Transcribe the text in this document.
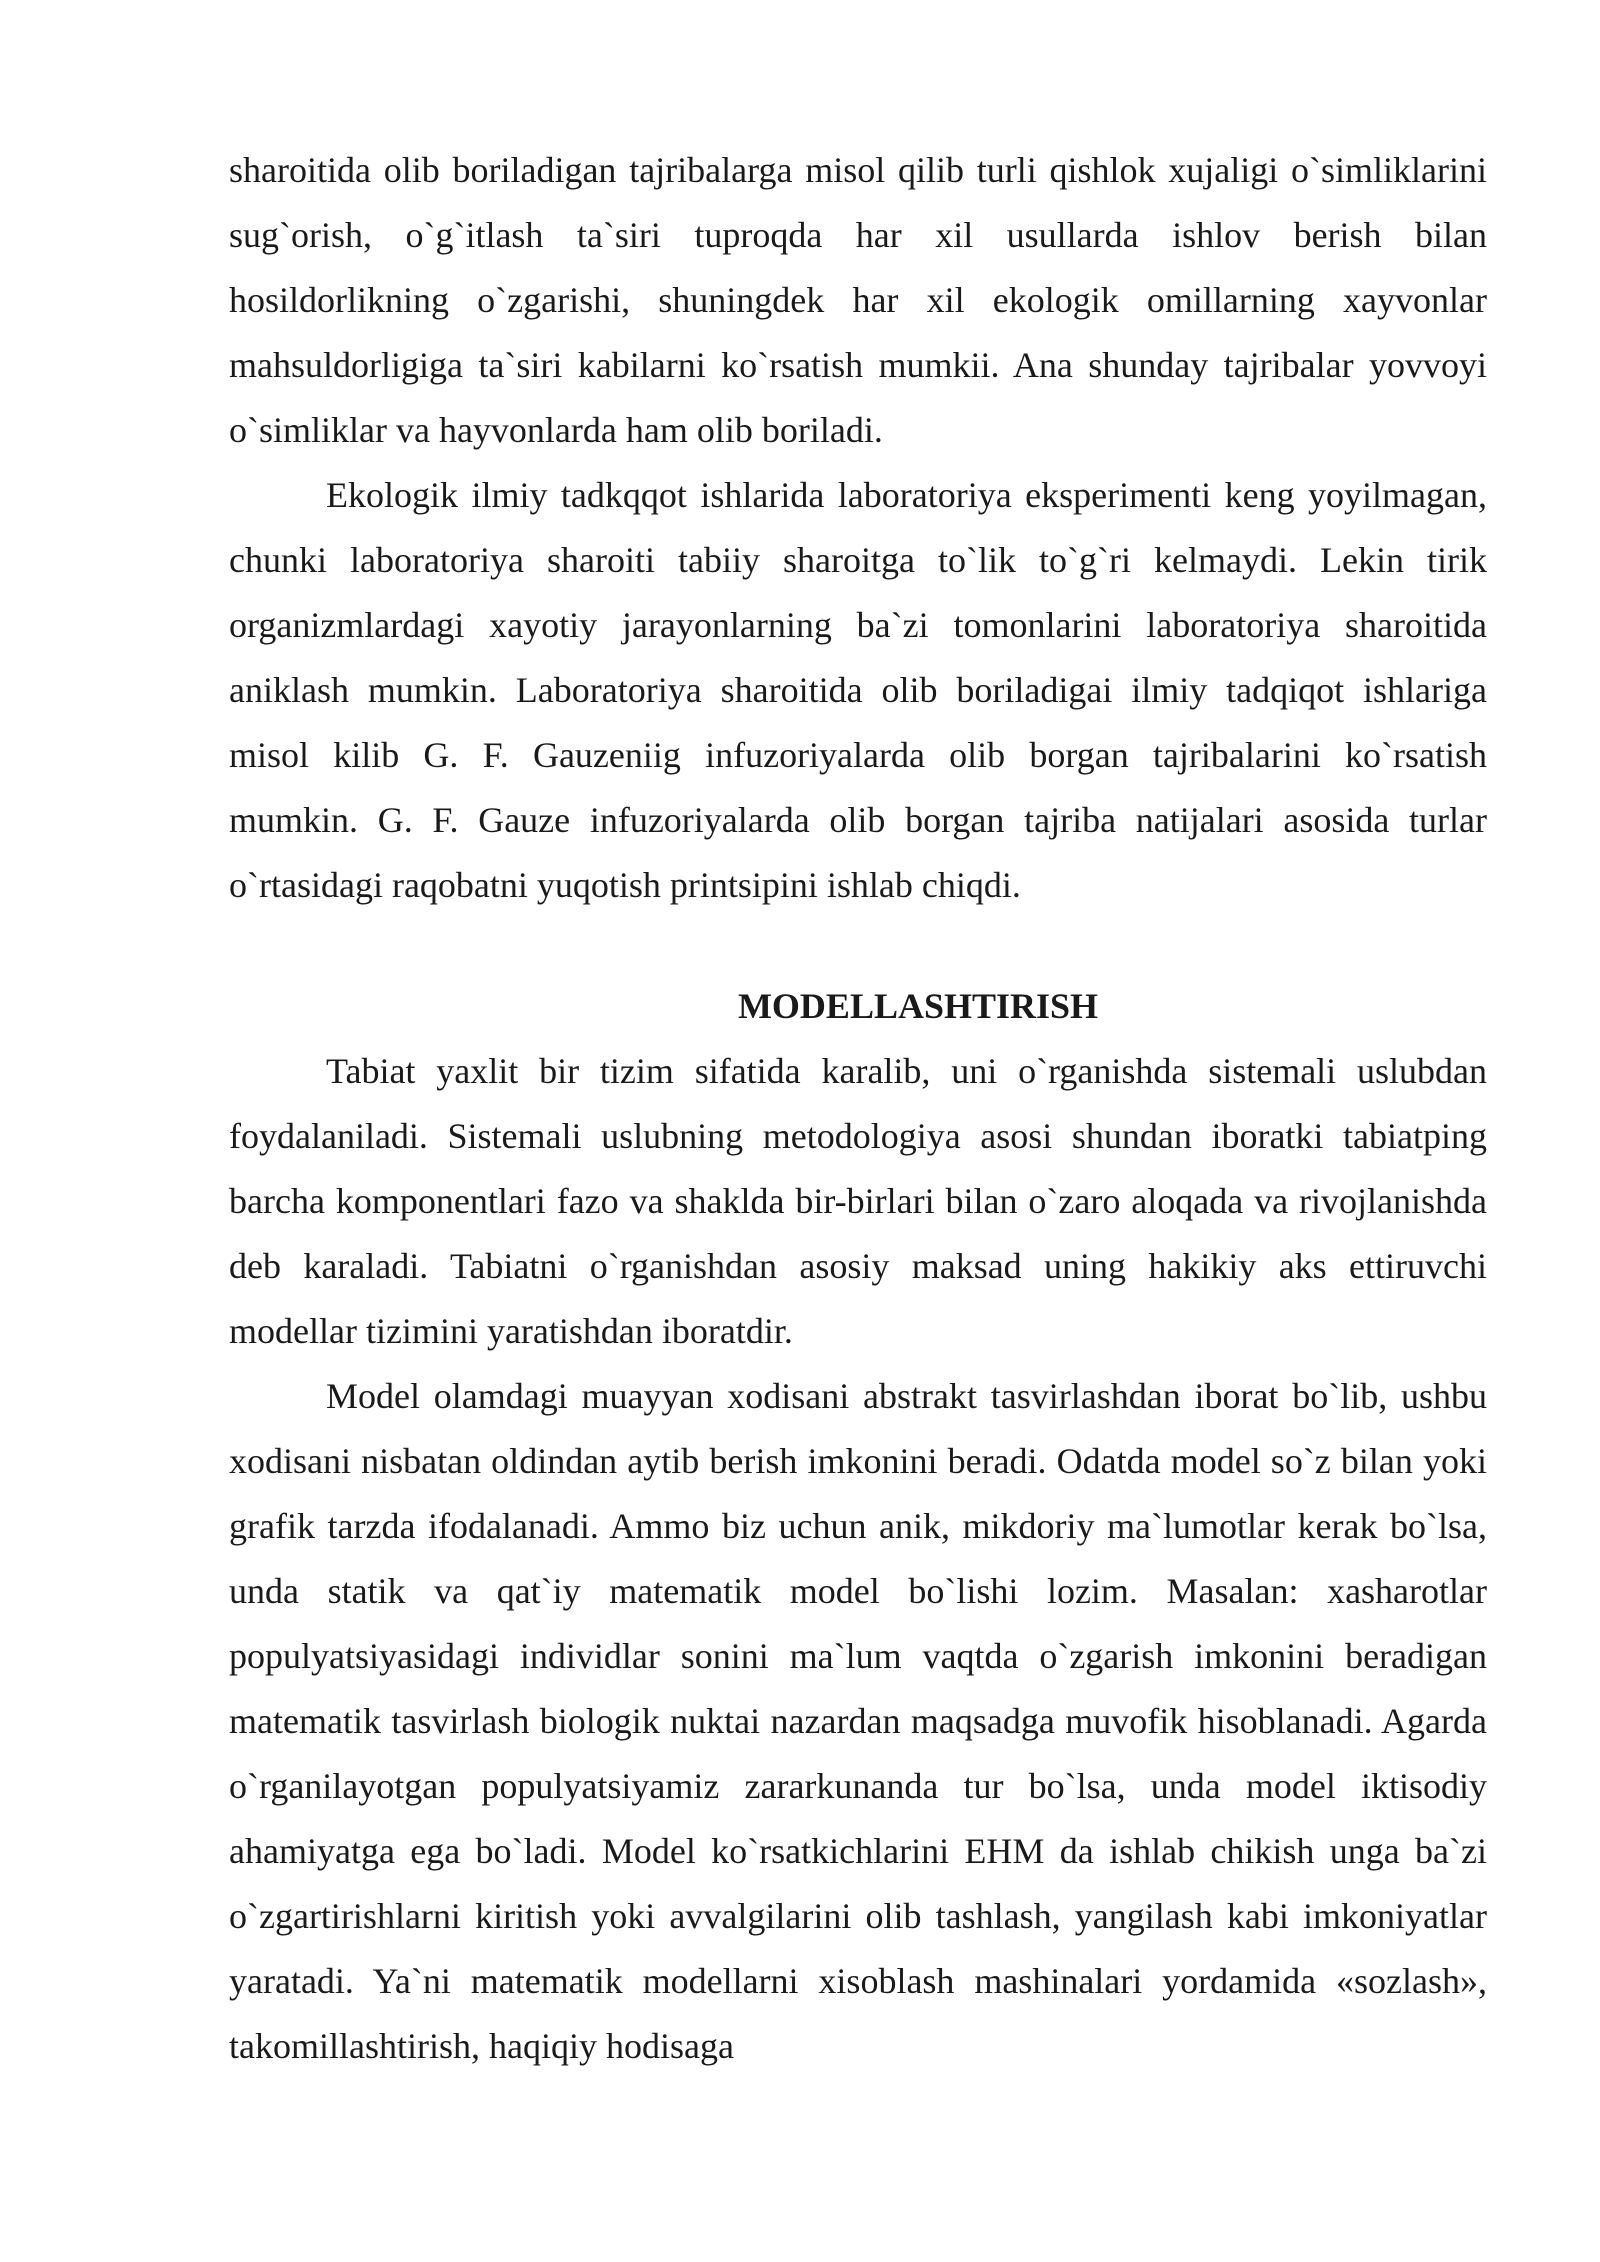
sharoitida olib boriladigan tajribalarga misol qilib turli qishlok xujaligi o`simliklarini sug`orish, o`g`itlash ta`siri tuproqda har xil usullarda ishlov berish bilan hosildorlikning o`zgarishi, shuningdek har xil ekologik omillarning xayvonlar mahsuldorligiga ta`siri kabilarni ko`rsatish mumkii. Ana shunday tajribalar yovvoyi o`simliklar va hayvonlarda ham olib boriladi.

Ekologik ilmiy tadkqqot ishlarida laboratoriya eksperimenti keng yoyilmagan, chunki laboratoriya sharoiti tabiiy sharoitga to`lik to`g`ri kelmaydi. Lekin tirik organizmlardagi xayotiy jarayonlarning ba`zi tomonlarini laboratoriya sharoitida aniklash mumkin. Laboratoriya sharoitida olib boriladigai ilmiy tadqiqot ishlariga misol kilib G. F. Gauzeniig infuzoriyalarda olib borgan tajribalarini ko`rsatish mumkin. G. F. Gauze infuzoriyalarda olib borgan tajriba natijalari asosida turlar o`rtasidagi raqobatni yuqotish printsipini ishlab chiqdi.

MODELLASHTIRISH

Tabiat yaxlit bir tizim sifatida karalib, uni o`rganishda sistemali uslubdan foydalaniladi. Sistemali uslubning metodologiya asosi shundan iboratki tabiatping barcha komponentlari fazo va shaklda bir-birlari bilan o`zaro aloqada va rivojlanishda deb karaladi. Tabiatni o`rganishdan asosiy maksad uning hakikiy aks ettiruvchi modellar tizimini yaratishdan iboratdir.

Model olamdagi muayyan xodisani abstrakt tasvirlashdan iborat bo`lib, ushbu xodisani nisbatan oldindan aytib berish imkonini beradi. Odatda model so`z bilan yoki grafik tarzda ifodalanadi. Ammo biz uchun anik, mikdoriy ma`lumotlar kerak bo`lsa, unda statik va qat`iy matematik model bo`lishi lozim. Masalan: xasharotlar populyatsiyasidagi individlar sonini ma`lum vaqtda o`zgarish imkonini beradigan matematik tasvirlash biologik nuktai nazardan maqsadga muvofik hisoblanadi. Agarda o`rganilayotgan populyatsiyamiz zararkunanda tur bo`lsa, unda model iktisodiy ahamiyatga ega bo`ladi. Model ko`rsatkichlarini EHM da ishlab chikish unga ba`zi o`zgartirishlarni kiritish yoki avvalgilarini olib tashlash, yangilash kabi imkoniyatlar yaratadi. Ya`ni matematik modellarni xisoblash mashinalari yordamida «sozlash», takomillashtirish, haqiqiy hodisaga
